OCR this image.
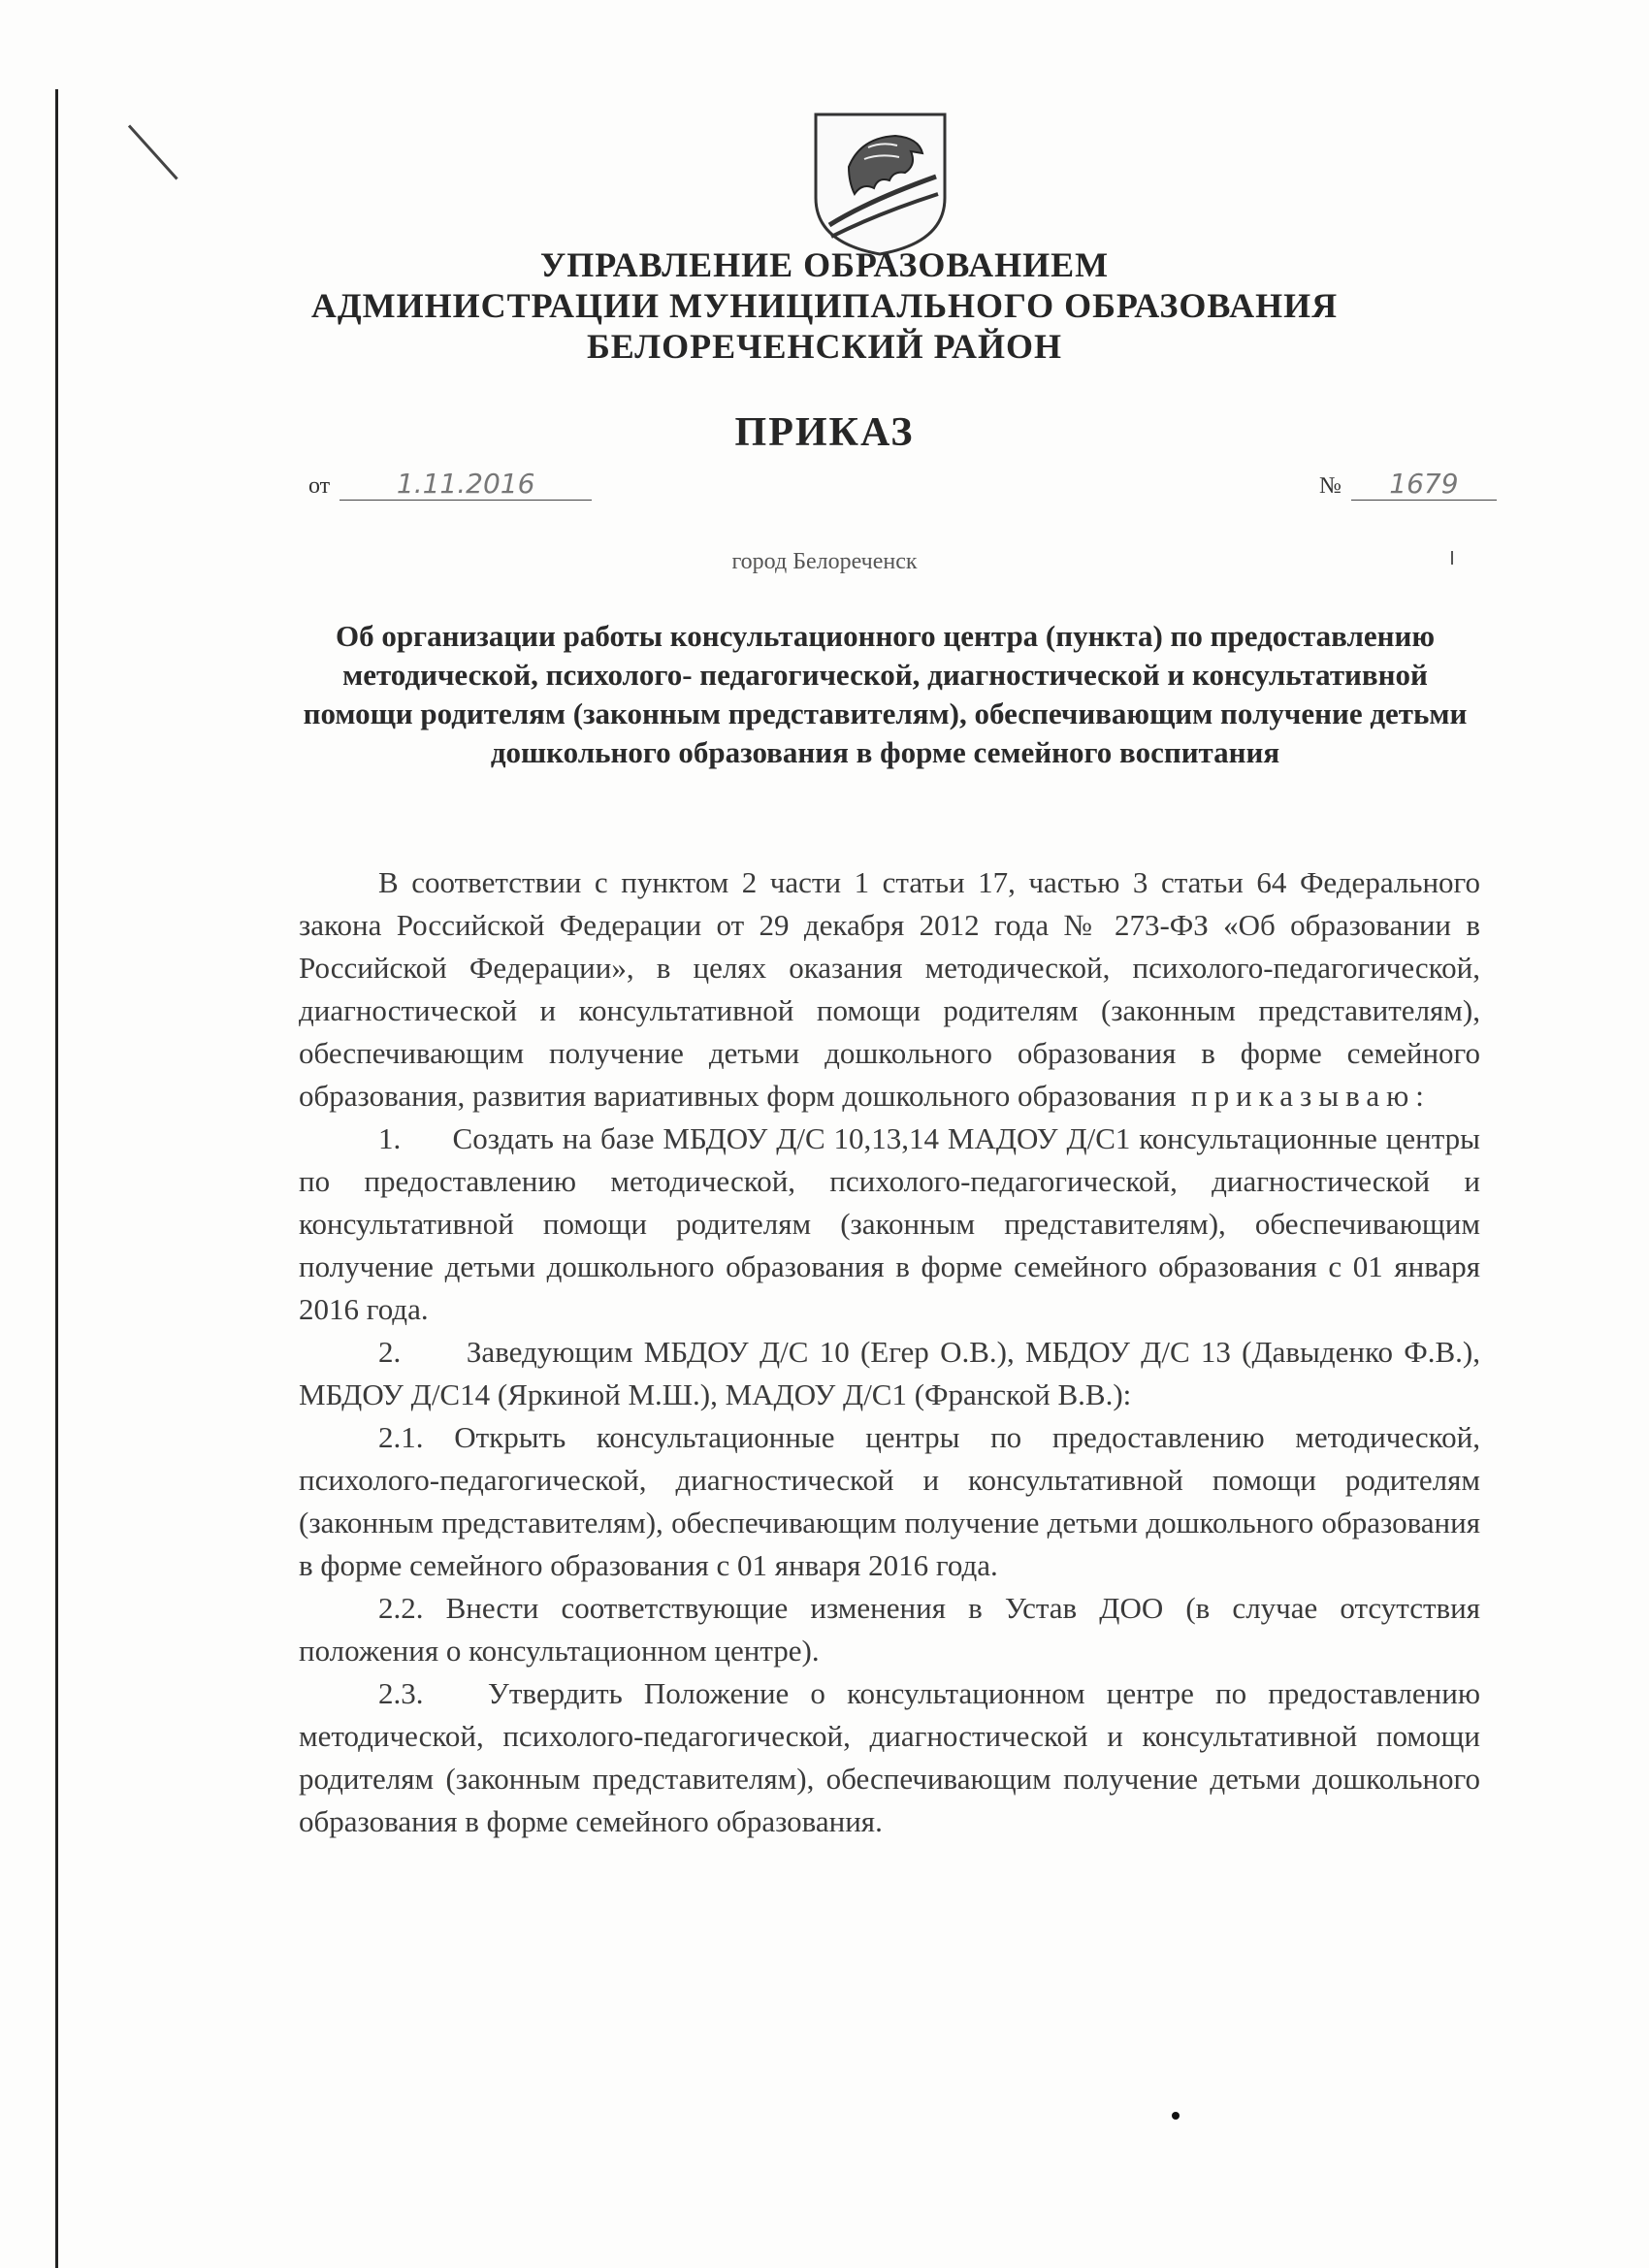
УПРАВЛЕНИЕ ОБРАЗОВАНИЕМ
АДМИНИСТРАЦИИ МУНИЦИПАЛЬНОГО ОБРАЗОВАНИЯ
БЕЛОРЕЧЕНСКИЙ РАЙОН
ПРИКАЗ
от 1.11.2016	№ 1679
город Белореченск
Об организации работы консультационного центра (пункта) по предоставлению методической, психолого- педагогической, диагностической и консультативной помощи родителям (законным представителям), обеспечивающим получение детьми дошкольного образования в форме семейного воспитания

В соответствии с пунктом 2 части 1 статьи 17, частью 3 статьи 64 Федерального закона Российской Федерации от 29 декабря 2012 года № 273-ФЗ «Об образовании в Российской Федерации», в целях оказания методической, психолого-педагогической, диагностической и консультативной помощи родителям (законным представителям), обеспечивающим получение детьми дошкольного образования в форме семейного образования, развития вариативных форм дошкольного образования приказываю:

1.      Создать на базе МБДОУ Д/С 10,13,14 МАДОУ Д/С1 консультационные центры по предоставлению методической, психолого-педагогической, диагностической и консультативной помощи родителям (законным представителям), обеспечивающим получение детьми дошкольного образования в форме семейного образования с 01 января 2016 года.

2.      Заведующим МБДОУ Д/С 10 (Егер О.В.), МБДОУ Д/С 13 (Давыденко Ф.В.), МБДОУ Д/С14 (Яркиной М.Ш.), МАДОУ Д/С1 (Франской В.В.):

2.1. Открыть консультационные центры по предоставлению методической, психолого-педагогической, диагностической и консультативной помощи родителям (законным представителям), обеспечивающим получение детьми дошкольного образования в форме семейного образования с 01 января 2016 года.

2.2. Внести соответствующие изменения в Устав ДОО (в случае отсутствия положения о консультационном центре).

2.3.   Утвердить Положение о консультационном центре по предоставлению методической, психолого-педагогической, диагностической и консультативной помощи родителям (законным представителям), обеспечивающим получение детьми дошкольного образования в форме семейного образования.
